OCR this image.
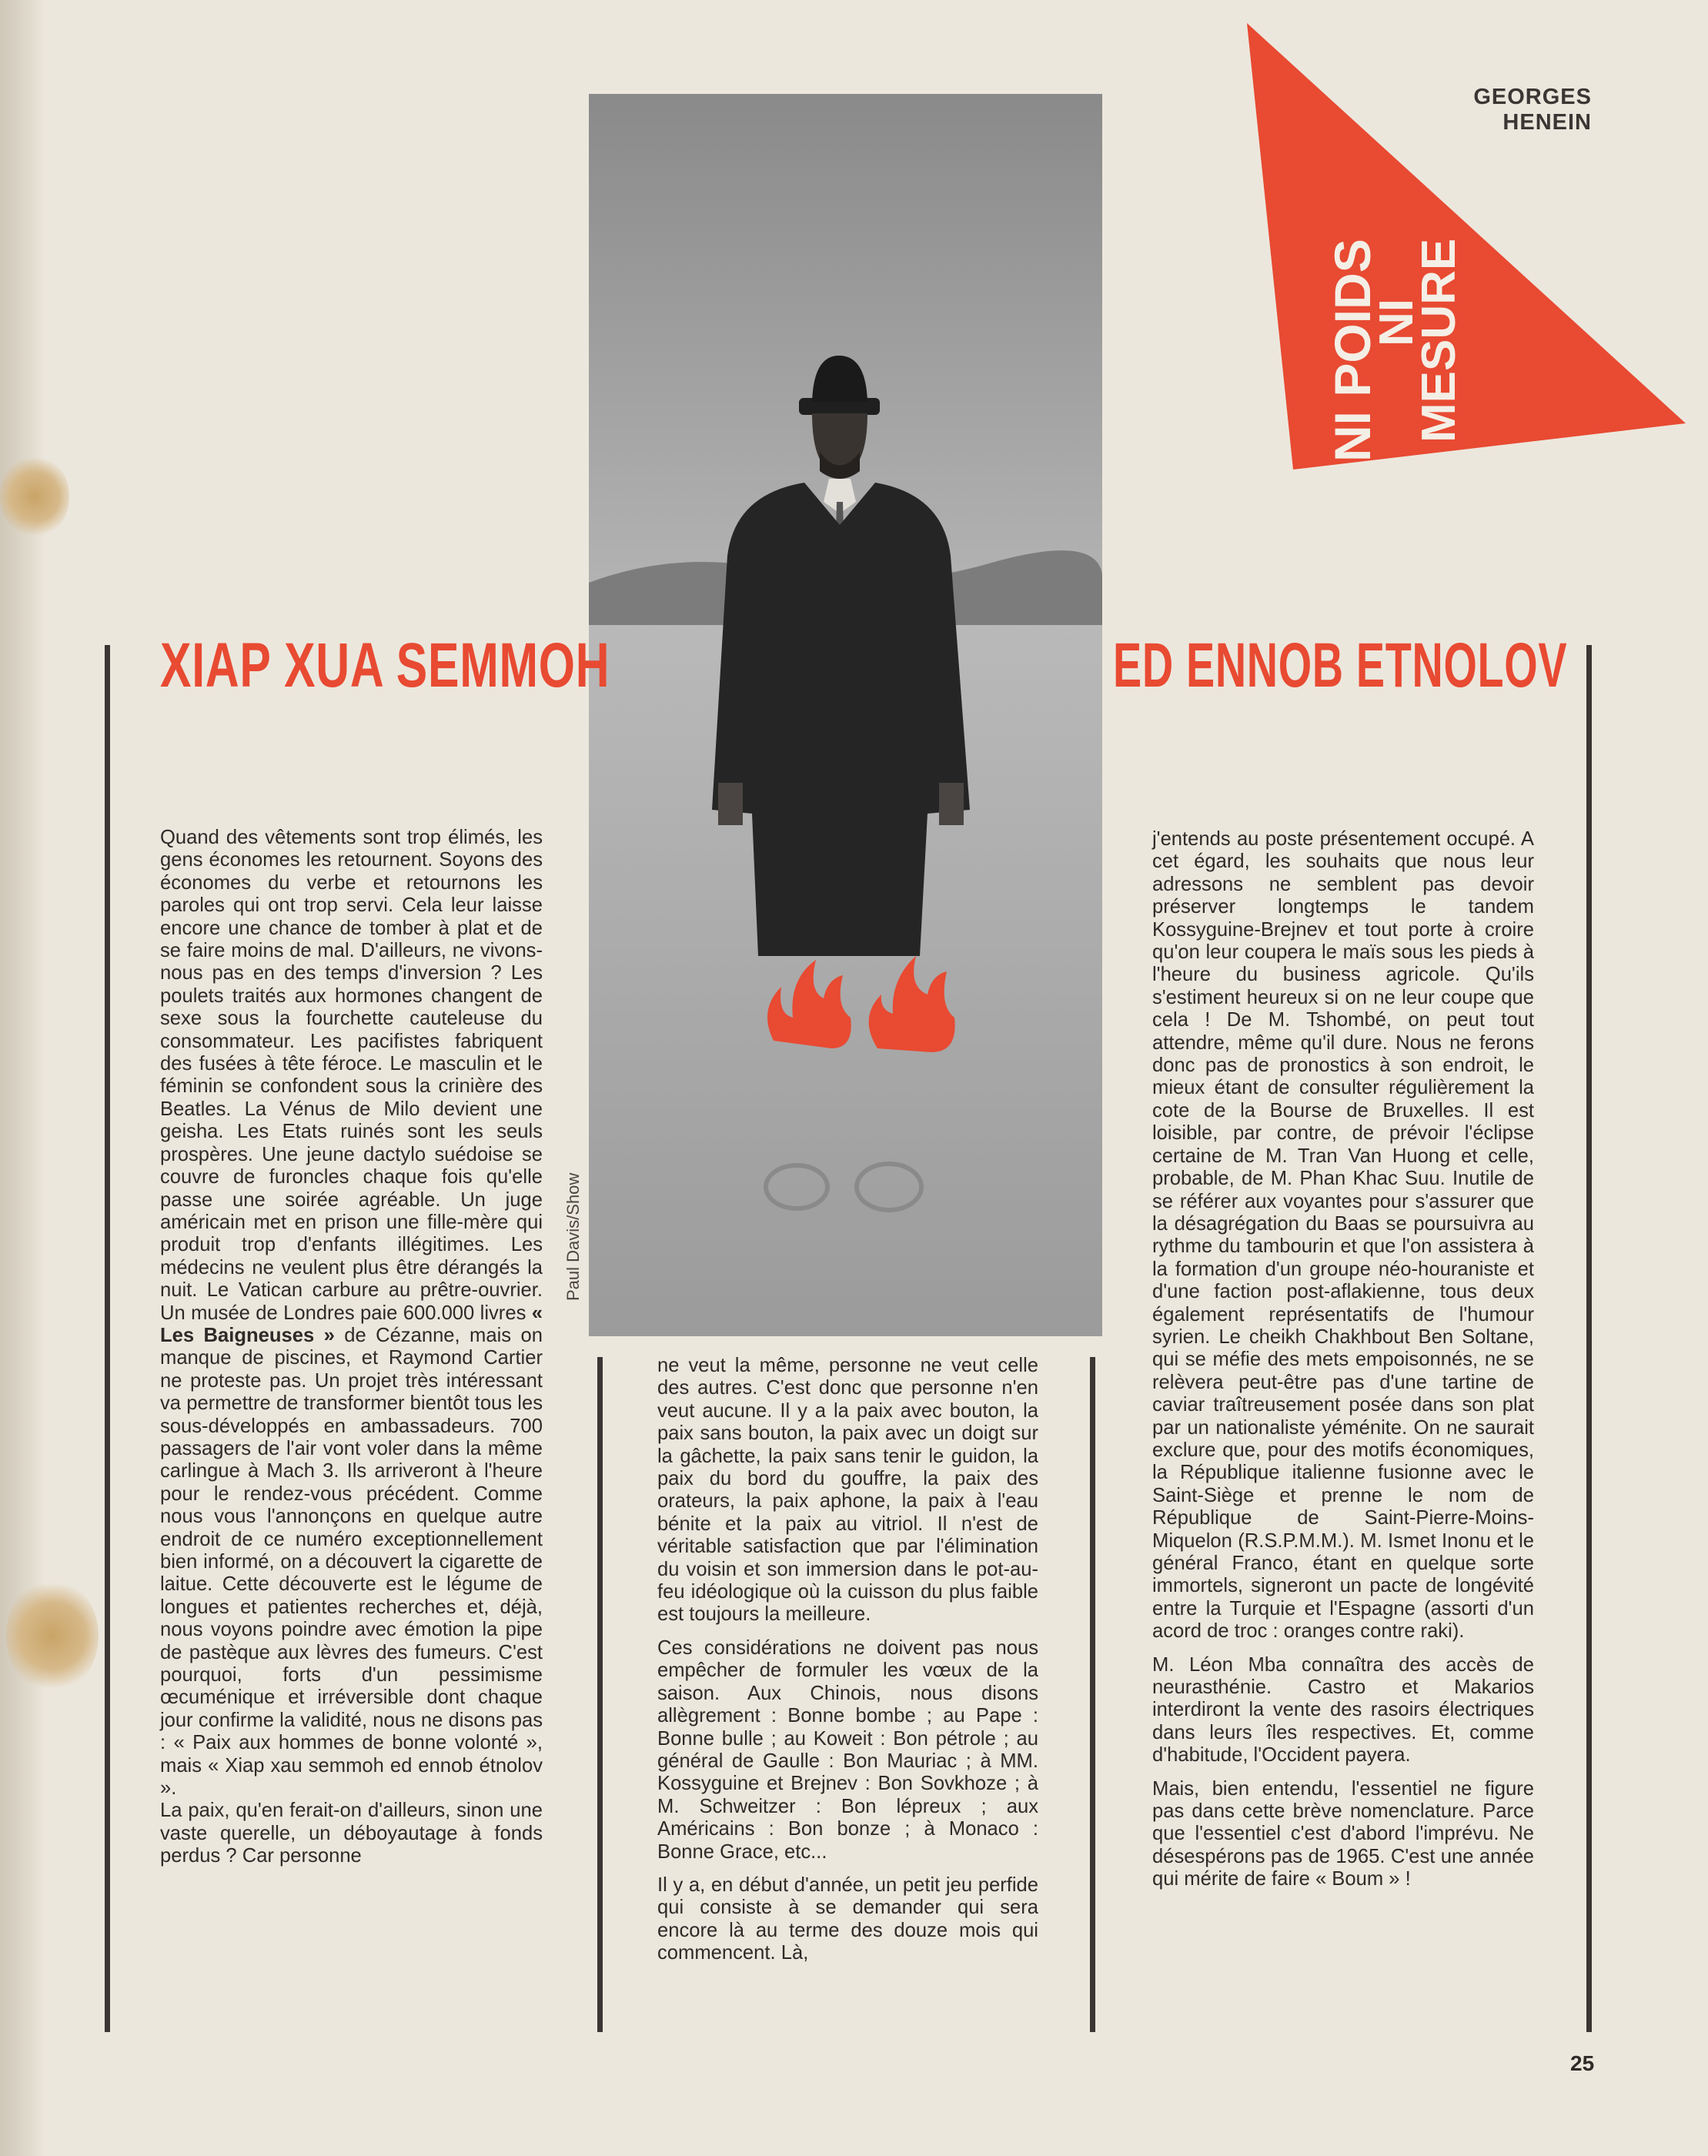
GEORGES HENEIN
NI POIDS
NI
MESURE
Paul Davis/Show
XIAP XUA SEMMOH	ED ENNOB ETNOLOV

Quand des vêtements sont trop élimés, les gens économes les retournent. Soyons des économes du verbe et retournons les paroles qui ont trop servi. Cela leur laisse encore une chance de tomber à plat et de se faire moins de mal. D'ailleurs, ne vivons-nous pas en des temps d'inversion ? Les poulets traités aux hormones changent de sexe sous la fourchette cauteleuse du consommateur. Les pacifistes fabriquent des fusées à tête féroce. Le masculin et le féminin se confondent sous la crinière des Beatles. La Vénus de Milo devient une geisha. Les Etats ruinés sont les seuls prospères. Une jeune dactylo suédoise se couvre de furoncles chaque fois qu'elle passe une soirée agréable. Un juge américain met en prison une fille-mère qui produit trop d'enfants illégitimes. Les médecins ne veulent plus être dérangés la nuit. Le Vatican carbure au prêtre-ouvrier. Un musée de Londres paie 600.000 livres « Les Baigneuses » de Cézanne, mais on manque de piscines, et Raymond Cartier ne proteste pas. Un projet très intéressant va permettre de transformer bientôt tous les sous-développés en ambassadeurs. 700 passagers de l'air vont voler dans la même carlingue à Mach 3. Ils arriveront à l'heure pour le rendez-vous précédent. Comme nous vous l'annonçons en quelque autre endroit de ce numéro exceptionnellement bien informé, on a découvert la cigarette de laitue. Cette découverte est le légume de longues et patientes recherches et, déjà, nous voyons poindre avec émotion la pipe de pastèque aux lèvres des fumeurs. C'est pourquoi, forts d'un pessimisme œcuménique et irréversible dont chaque jour confirme la validité, nous ne disons pas : « Paix aux hommes de bonne volonté », mais « Xiap xau semmoh ed ennob étnolov ».

La paix, qu'en ferait-on d'ailleurs, sinon une vaste querelle, un déboyautage à fonds perdus ? Car personne

ne veut la même, personne ne veut celle des autres. C'est donc que personne n'en veut aucune. Il y a la paix avec bouton, la paix sans bouton, la paix avec un doigt sur la gâchette, la paix sans tenir le guidon, la paix du bord du gouffre, la paix des orateurs, la paix aphone, la paix à l'eau bénite et la paix au vitriol. Il n'est de véritable satisfaction que par l'élimination du voisin et son immersion dans le pot-au-feu idéologique où la cuisson du plus faible est toujours la meilleure.

Ces considérations ne doivent pas nous empêcher de formuler les vœux de la saison. Aux Chinois, nous disons allègrement : Bonne bombe ; au Pape : Bonne bulle ; au Koweit : Bon pétrole ; au général de Gaulle : Bon Mauriac ; à MM. Kossyguine et Brejnev : Bon Sovkhoze ; à M. Schweitzer : Bon lépreux ; aux Américains : Bon bonze ; à Monaco : Bonne Grace, etc...

Il y a, en début d'année, un petit jeu perfide qui consiste à se demander qui sera encore là au terme des douze mois qui commencent. Là,

j'entends au poste présentement occupé. A cet égard, les souhaits que nous leur adressons ne semblent pas devoir préserver longtemps le tandem Kossyguine-Brejnev et tout porte à croire qu'on leur coupera le maïs sous les pieds à l'heure du business agricole. Qu'ils s'estiment heureux si on ne leur coupe que cela ! De M. Tshombé, on peut tout attendre, même qu'il dure. Nous ne ferons donc pas de pronostics à son endroit, le mieux étant de consulter régulièrement la cote de la Bourse de Bruxelles. Il est loisible, par contre, de prévoir l'éclipse certaine de M. Tran Van Huong et celle, probable, de M. Phan Khac Suu. Inutile de se référer aux voyantes pour s'assurer que la désagrégation du Baas se poursuivra au rythme du tambourin et que l'on assistera à la formation d'un groupe néo-houraniste et d'une faction post-aflakienne, tous deux également représentatifs de l'humour syrien. Le cheikh Chakhbout Ben Soltane, qui se méfie des mets empoisonnés, ne se relèvera peut-être pas d'une tartine de caviar traîtreusement posée dans son plat par un nationaliste yéménite. On ne saurait exclure que, pour des motifs économiques, la République italienne fusionne avec le Saint-Siège et prenne le nom de République de Saint-Pierre-Moins-Miquelon (R.S.P.M.M.). M. Ismet Inonu et le général Franco, étant en quelque sorte immortels, signeront un pacte de longévité entre la Turquie et l'Espagne (assorti d'un acord de troc : oranges contre raki).

M. Léon Mba connaîtra des accès de neurasthénie. Castro et Makarios interdiront la vente des rasoirs électriques dans leurs îles respectives. Et, comme d'habitude, l'Occident payera.

Mais, bien entendu, l'essentiel ne figure pas dans cette brève nomenclature. Parce que l'essentiel c'est d'abord l'imprévu. Ne désespérons pas de 1965. C'est une année qui mérite de faire « Boum » !

25
